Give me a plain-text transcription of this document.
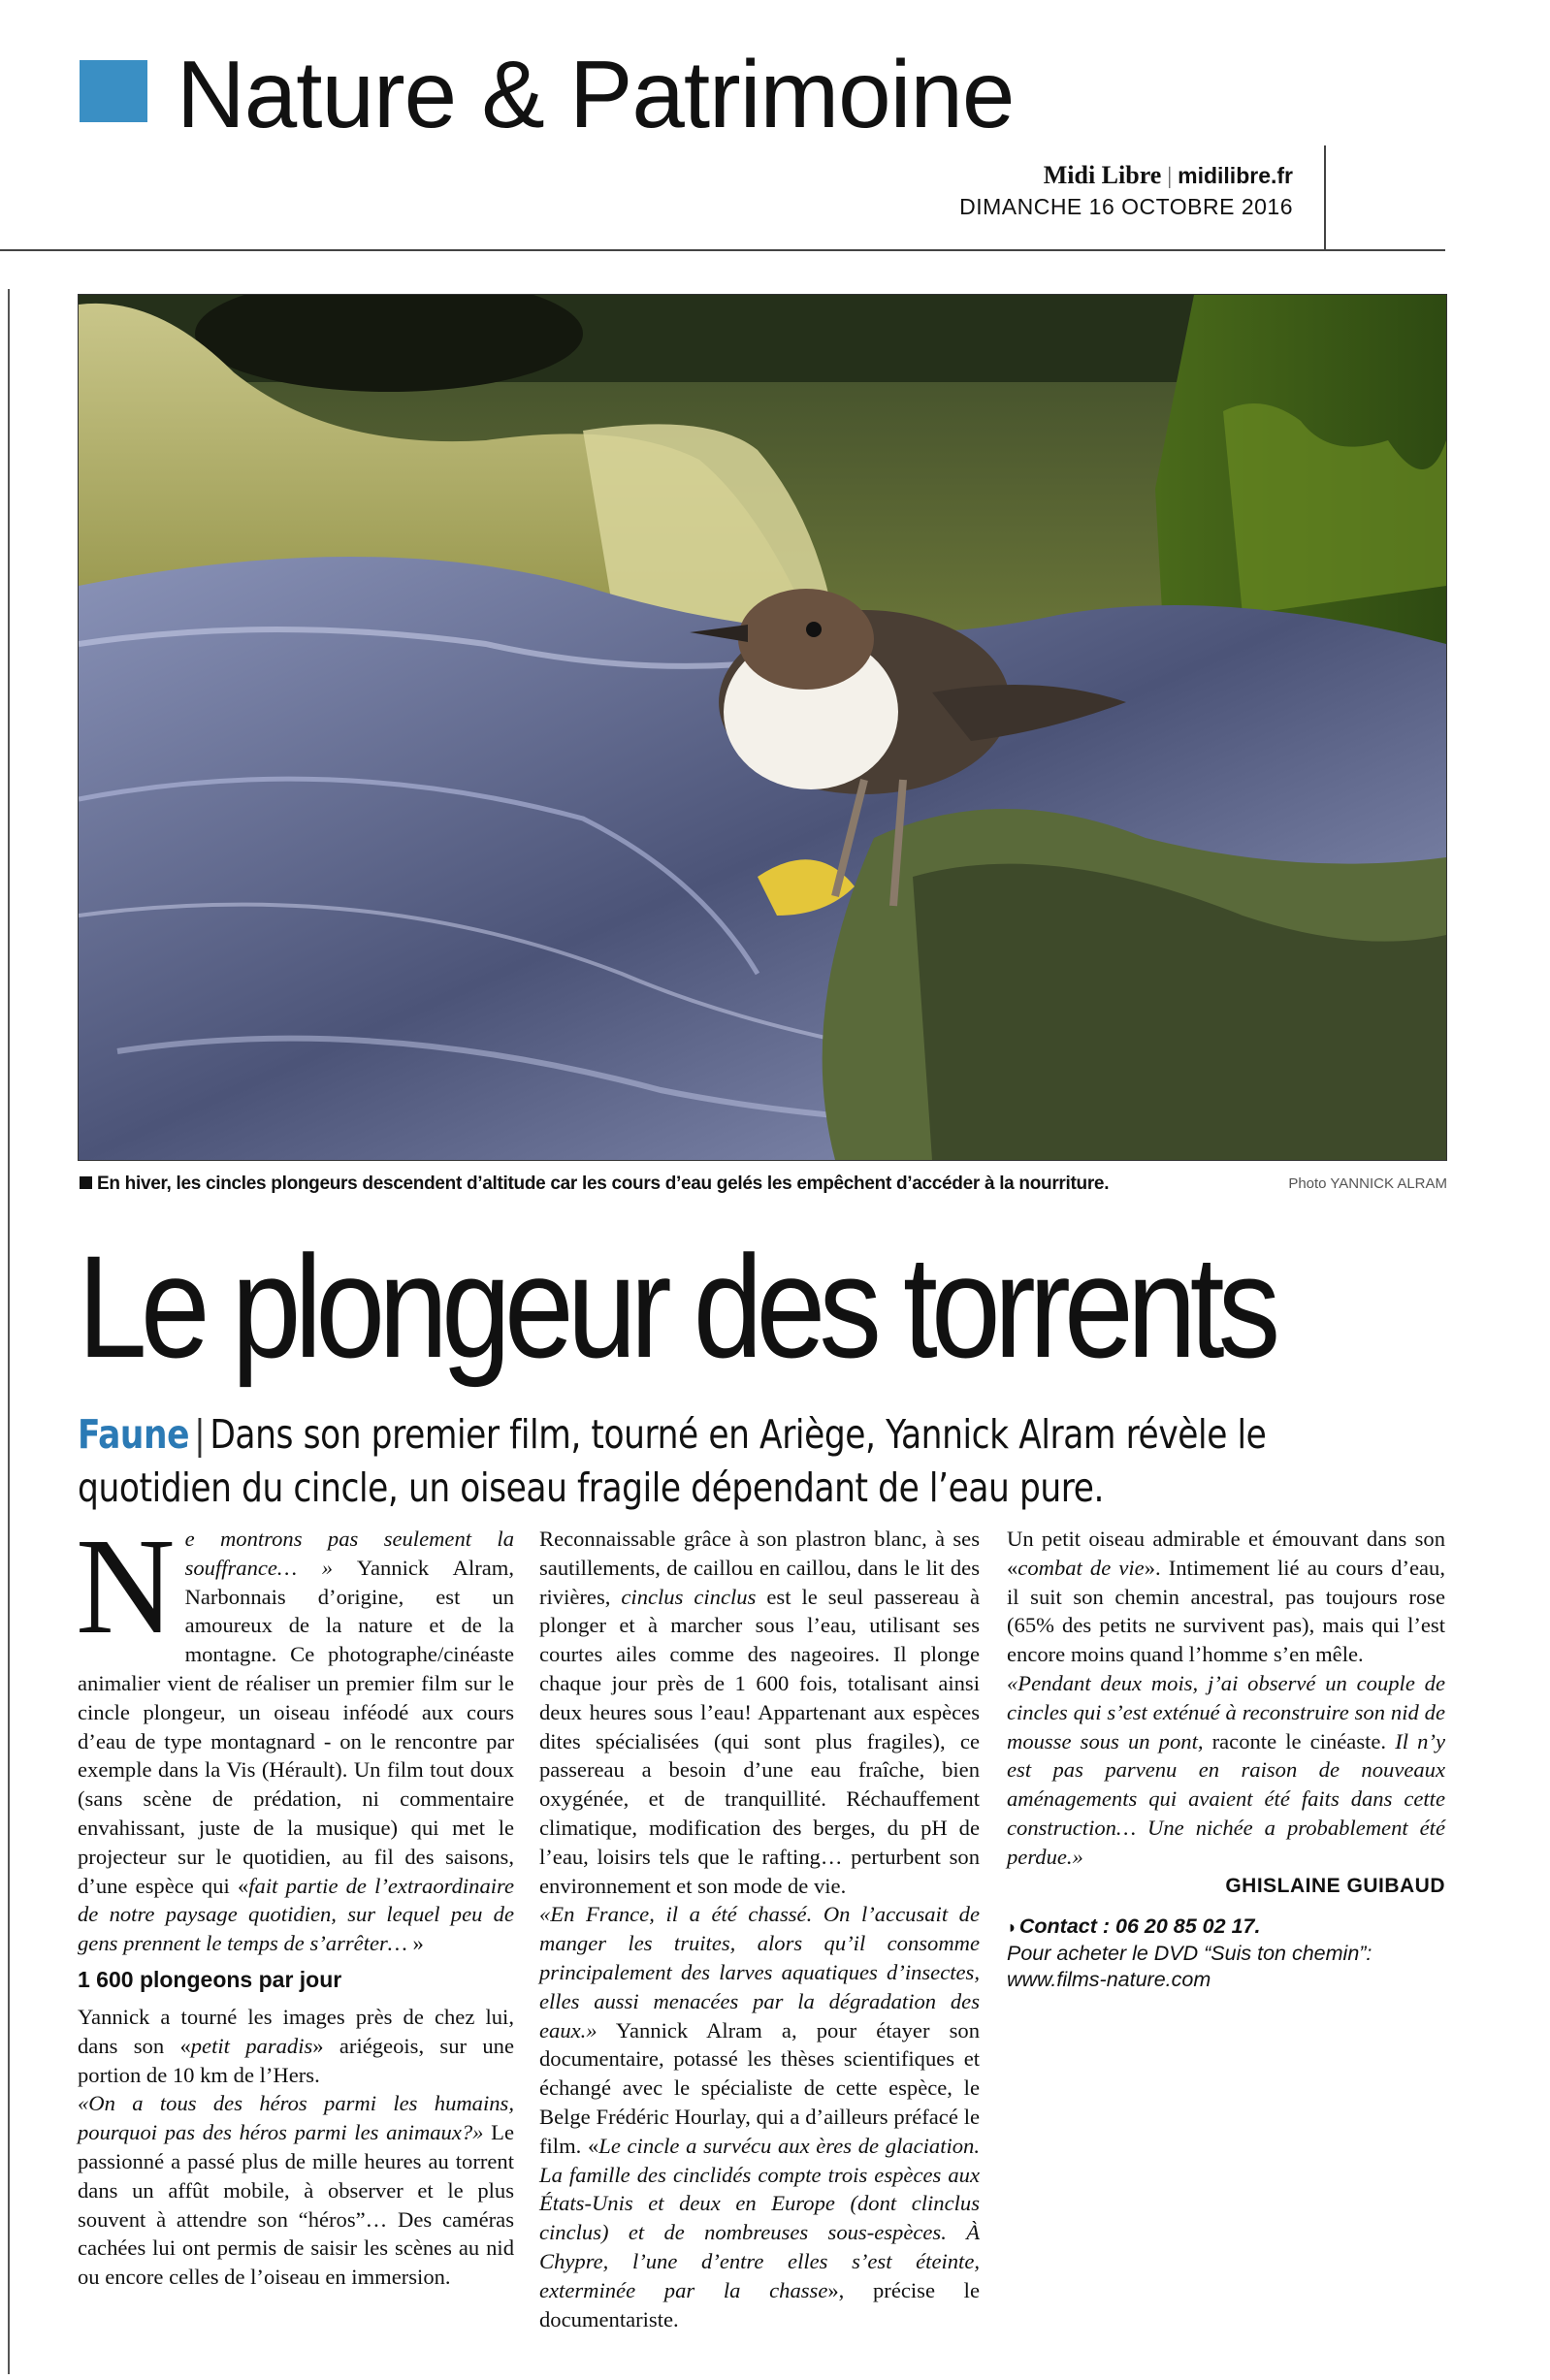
Nature & Patrimoine
Midi Libre | midilibre.fr
DIMANCHE 16 OCTOBRE 2016
En hiver, les cincles plongeurs descendent d’altitude car les cours d’eau gelés les empêchent d’accéder à la nourriture.	Photo YANNICK ALRAM
Le plongeur des torrents
Faune | Dans son premier film, tourné en Ariège, Yannick Alram révèle le quotidien du cincle, un oiseau fragile dépendant de l’eau pure.

Ne montrons pas seulement la souffrance… » Yannick Alram, Narbonnais d’origine, est un amoureux de la nature et de la montagne. Ce photographe/cinéaste animalier vient de réaliser un premier film sur le cincle plongeur, un oiseau inféodé aux cours d’eau de type montagnard - on le rencontre par exemple dans la Vis (Hérault). Un film tout doux (sans scène de prédation, ni commentaire envahissant, juste de la musique) qui met le projecteur sur le quotidien, au fil des saisons, d’une espèce qui «fait partie de l’extraordinaire de notre paysage quotidien, sur lequel peu de gens prennent le temps de s’arrêter… »

1 600 plongeons par jour

Yannick a tourné les images près de chez lui, dans son «petit paradis» ariégeois, sur une portion de 10 km de l’Hers.

«On a tous des héros parmi les humains, pourquoi pas des héros parmi les animaux?» Le passionné a passé plus de mille heures au torrent dans un affût mobile, à observer et le plus souvent à attendre son “héros”… Des caméras cachées lui ont permis de saisir les scènes au nid ou encore celles de l’oiseau en immersion.

Reconnaissable grâce à son plastron blanc, à ses sautillements, de caillou en caillou, dans le lit des rivières, cinclus cinclus est le seul passereau à plonger et à marcher sous l’eau, utilisant ses courtes ailes comme des nageoires. Il plonge chaque jour près de 1 600 fois, totalisant ainsi deux heures sous l’eau! Appartenant aux espèces dites spécialisées (qui sont plus fragiles), ce passereau a besoin d’une eau fraîche, bien oxygénée, et de tranquillité. Réchauffement climatique, modification des berges, du pH de l’eau, loisirs tels que le rafting… perturbent son environnement et son mode de vie.

«En France, il a été chassé. On l’accusait de manger les truites, alors qu’il consomme principalement des larves aquatiques d’insectes, elles aussi menacées par la dégradation des eaux.» Yannick Alram a, pour étayer son documentaire, potassé les thèses scientifiques et échangé avec le spécialiste de cette espèce, le Belge Frédéric Hourlay, qui a d’ailleurs préfacé le film. «Le cincle a survécu aux ères de glaciation. La famille des cinclidés compte trois espèces aux États-Unis et deux en Europe (dont clinclus cinclus) et de nombreuses sous-espèces. À Chypre, l’une d’entre elles s’est éteinte, exterminée par la chasse», précise le documentariste.

Un petit oiseau admirable et émouvant dans son «combat de vie». Intimement lié au cours d’eau, il suit son chemin ancestral, pas toujours rose (65% des petits ne survivent pas), mais qui l’est encore moins quand l’homme s’en mêle.

«Pendant deux mois, j’ai observé un couple de cincles qui s’est exténué à reconstruire son nid de mousse sous un pont, raconte le cinéaste. Il n’y est pas parvenu en raison de nouveaux aménagements qui avaient été faits dans cette construction… Une nichée a probablement été perdue.»

GHISLAINE GUIBAUD

◗Contact : 06 20 85 02 17.
Pour acheter le DVD “Suis ton chemin”:
www.films-nature.com
